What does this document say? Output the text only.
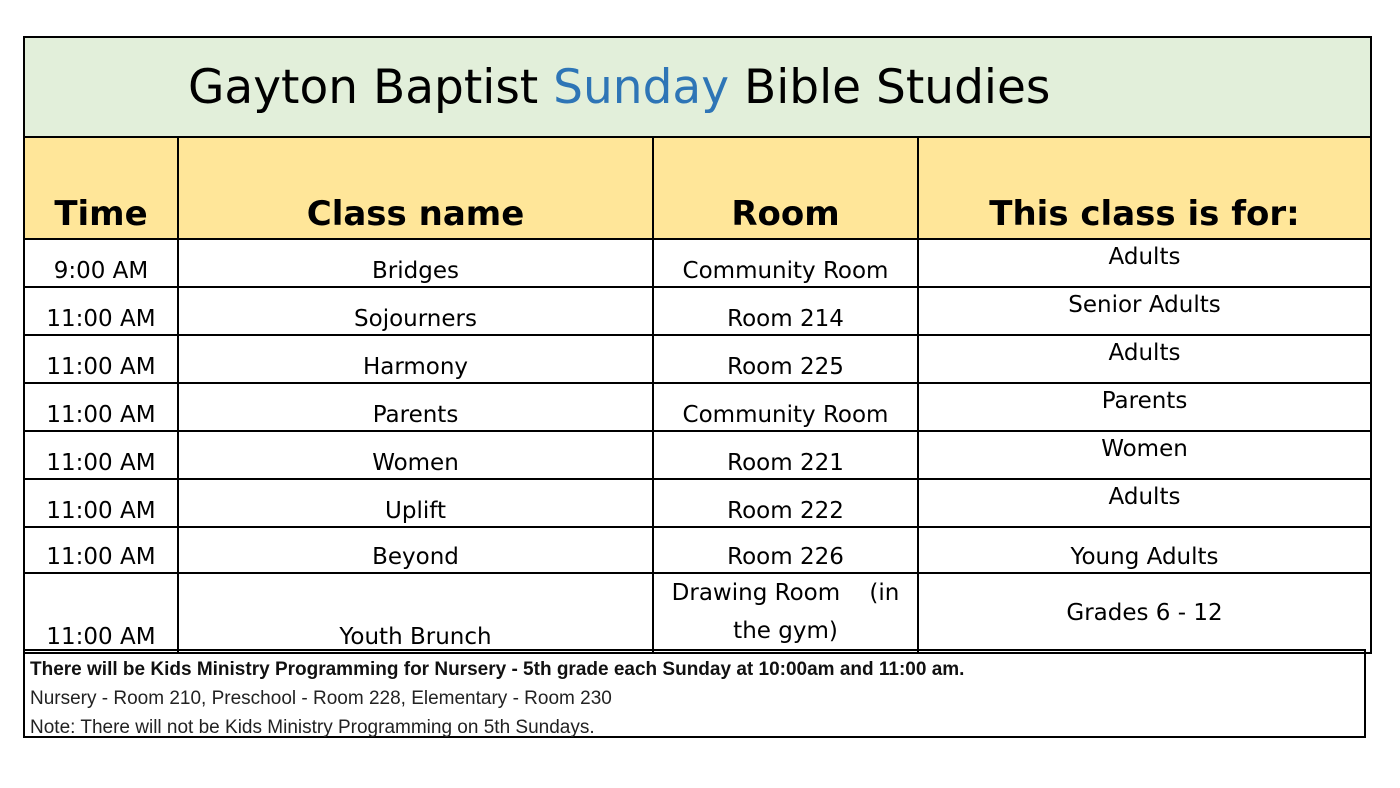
Gayton Baptist Sunday Bible Studies			
Time	Class name	Room	This class is for:
9:00 AM	Bridges	Community Room	Adults
11:00 AM	Sojourners	Room 214	Senior Adults
11:00 AM	Harmony	Room 225	Adults
11:00 AM	Parents	Community Room	Parents
11:00 AM	Women	Room 221	Women
11:00 AM	Uplift	Room 222	Adults
11:00 AM	Beyond	Room 226	Young Adults
11:00 AM	Youth Brunch	Drawing Room    (in the gym)	Grades 6 - 12
There will be Kids Ministry Programming for Nursery - 5th grade each Sunday at 10:00am and 11:00 am.
Nursery - Room 210, Preschool - Room 228, Elementary - Room 230
Note: There will not be Kids Ministry Programming on 5th Sundays.
